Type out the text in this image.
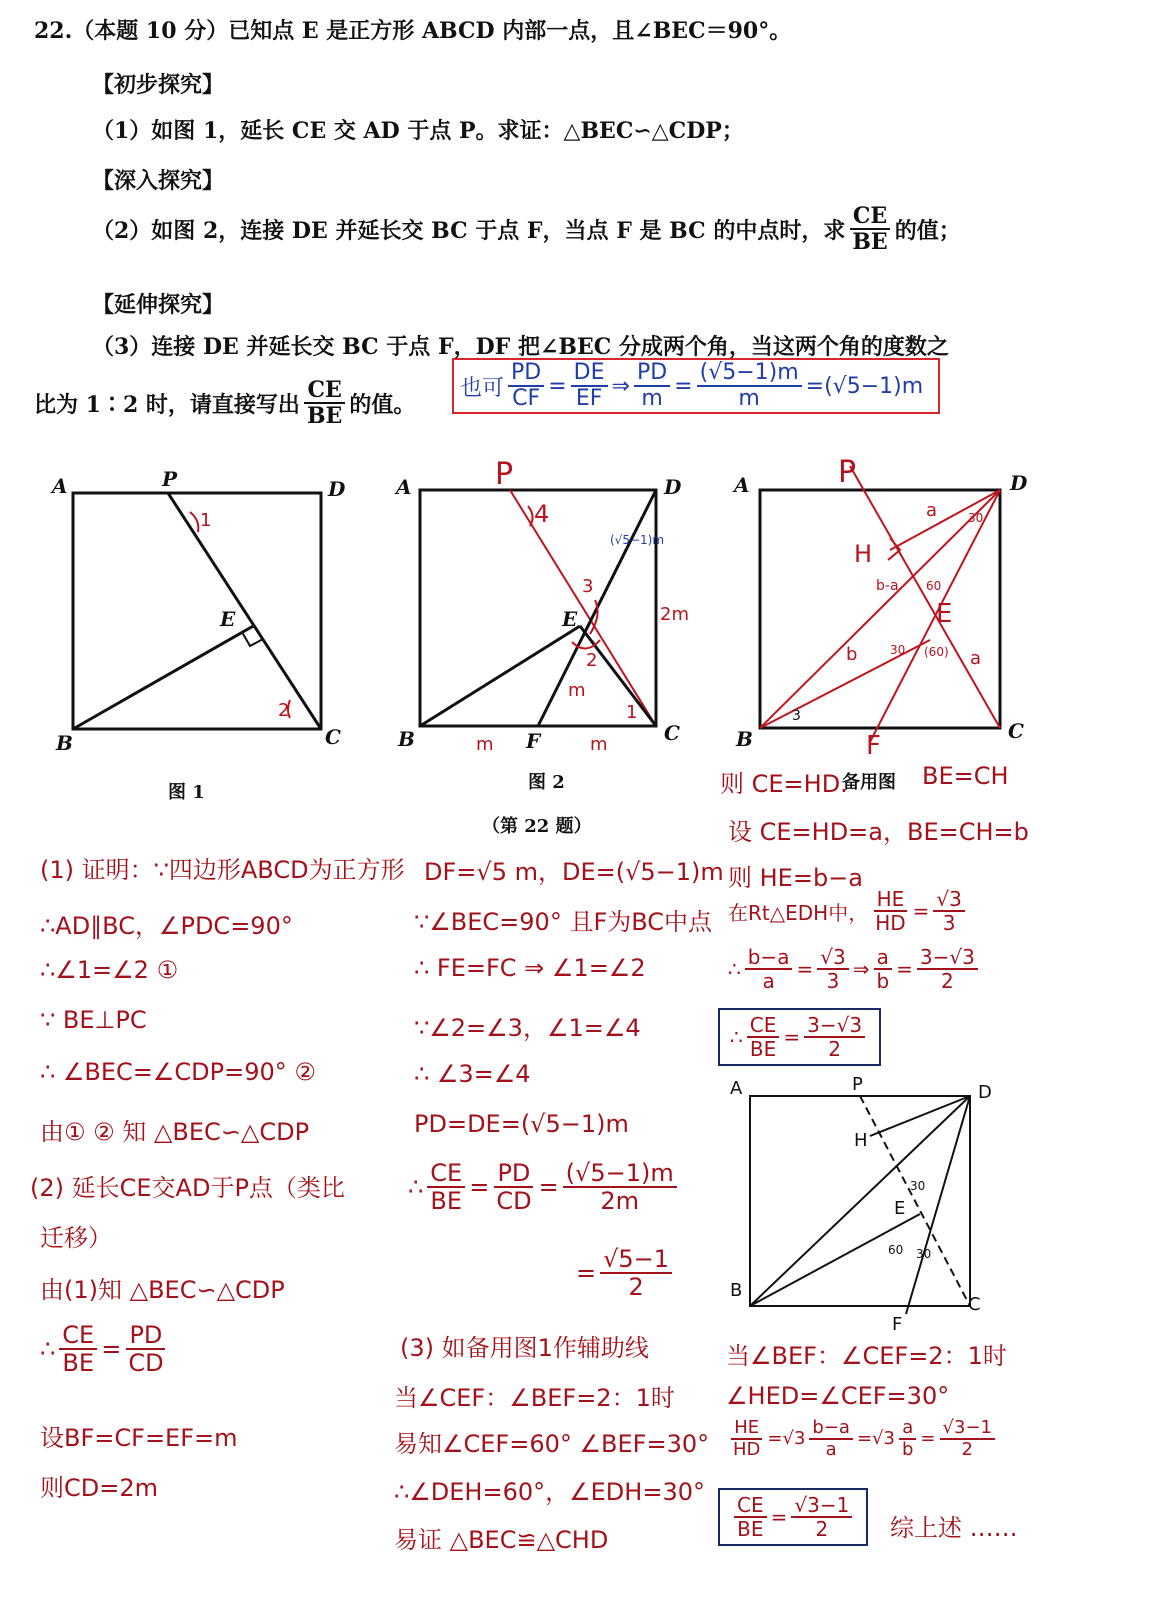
22.（本题 10 分）已知点 E 是正方形 ABCD 内部一点，且∠BEC＝90°。
【初步探究】
（1）如图 1，延长 CE 交 AD 于点 P。求证：△BEC∽△CDP；
【深入探究】
（2）如图 2，连接 DE 并延长交 BC 于点 F，当点 F 是 BC 的中点时，求 $\frac{CE}{BE}$ 的值；
【延伸探究】
（3）连接 DE 并延长交 BC 于点 F，DF 把∠BEC 分成两个角，当这两个角的度数之
比为 1∶2 时，请直接写出 $\frac{CE}{BE}$ 的值。
也可 $\frac{PD}{CF} = \frac{DE}{EF}$ ⇒ $\frac{PD}{m} = \frac{(√5-1)m}{m} =(√5-1)m$
A	P	D
E
B	C
1
2
图 1
P
A	D
E
B	F	C
4
3
2
1
m
m	m
2m
(√5−1)m
图 2
（第 22 题）
P
A	D
H
E
B	C
F
a	30
b-a 60
b	30 (60) a
3
备用图
(1) 证明：∵四边形ABCD为正方形
∴AD∥BC，∠PDC=90°
∴∠1=∠2 ①
∵ BE⊥PC
∴ ∠BEC=∠CDP=90° ②
由① ② 知 △BEC∽△CDP
(2) 延长CE交AD于P点（类比
迁移）
由(1)知 △BEC∽△CDP
∴ $\frac{CE}{BE} = \frac{PD}{CD}$
设BF=CF=EF=m
则CD=2m
DF=√5 m，DE=(√5−1)m
∵∠BEC=90° 且F为BC中点
∴ FE=FC ⇒ ∠1=∠2
∵∠2=∠3，∠1=∠4
∴ ∠3=∠4
PD=DE=(√5−1)m
∴ $\frac{CE}{BE} = \frac{PD}{CD} = \frac{(√5-1)m}{2m}$
= $\frac{√5-1}{2}$
(3) 如备用图1作辅助线
当∠CEF：∠BEF=2：1时
易知∠CEF=60° ∠BEF=30°
∴∠DEH=60°，∠EDH=30°
易证 △BEC≌△CHD
则 CE=HD.	BE=CH
设 CE=HD=a，BE=CH=b
则 HE=b−a
在Rt△EDH中， $\frac{HE}{HD} = \frac{√3}{3}$
∴ $\frac{b-a}{a} = \frac{√3}{3}$ ⇒ $\frac{a}{b} = \frac{3-√3}{2}$
∴ $\frac{CE}{BE} = \frac{3-√3}{2}$
A	P	D
H
E
B
F
C
30
60 30
当∠BEF：∠CEF=2：1时
∠HED=∠CEF=30°
$\frac{HE}{HD} =√3 \frac{b-a}{a} =√3 \frac{a}{b} = \frac{√3-1}{2}$
$\frac{CE}{BE} = \frac{√3-1}{2}$ 综上述 ……
